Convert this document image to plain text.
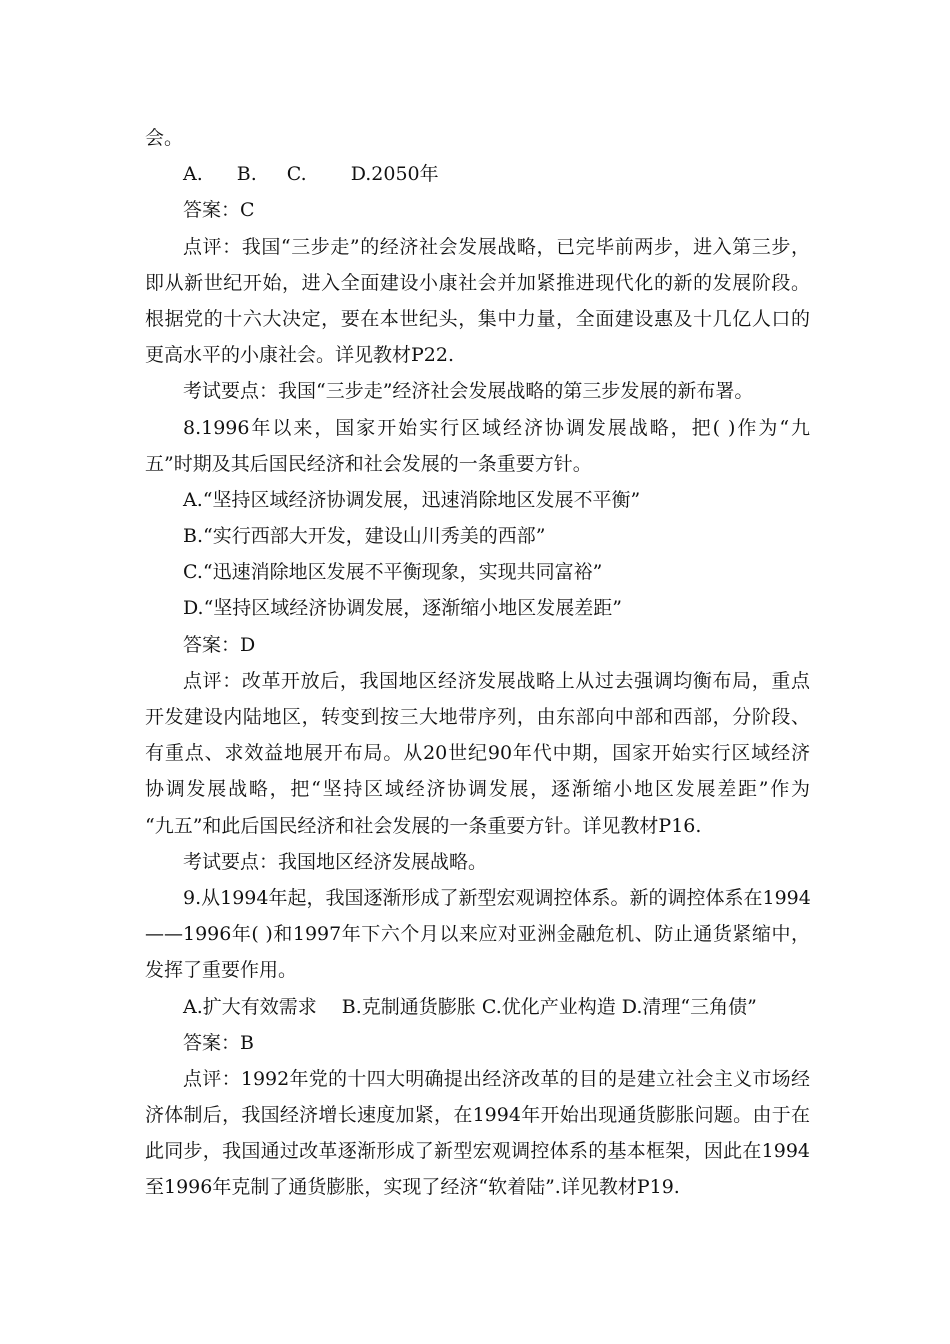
会。
A. B. C. D.2050年
答案：C
点评：我国“三步走”的经济社会发展战略，已完毕前两步，进入第三步，
即从新世纪开始，进入全面建设小康社会并加紧推进现代化的新的发展阶段。
根据党的十六大决定，要在本世纪头，集中力量，全面建设惠及十几亿人口的
更高水平的小康社会。详见教材P22.
考试要点：我国“三步走”经济社会发展战略的第三步发展的新布署。
8.1996年以来，国家开始实行区域经济协调发展战略，把( )作为“九
五”时期及其后国民经济和社会发展的一条重要方针。
A.“坚持区域经济协调发展，迅速消除地区发展不平衡”
B.“实行西部大开发，建设山川秀美的西部”
C.“迅速消除地区发展不平衡现象，实现共同富裕”
D.“坚持区域经济协调发展，逐渐缩小地区发展差距”
答案：D
点评：改革开放后，我国地区经济发展战略上从过去强调均衡布局，重点
开发建设内陆地区，转变到按三大地带序列，由东部向中部和西部，分阶段、
有重点、求效益地展开布局。从20世纪90年代中期，国家开始实行区域经济
协调发展战略，把“坚持区域经济协调发展，逐渐缩小地区发展差距”作为
“九五”和此后国民经济和社会发展的一条重要方针。详见教材P16.
考试要点：我国地区经济发展战略。
9.从1994年起，我国逐渐形成了新型宏观调控体系。新的调控体系在1994
——1996年( )和1997年下六个月以来应对亚洲金融危机、防止通货紧缩中，
发挥了重要作用。
A.扩大有效需求　 B.克制通货膨胀 C.优化产业构造 D.清理“三角债”
答案：B
点评：1992年党的十四大明确提出经济改革的目的是建立社会主义市场经
济体制后，我国经济增长速度加紧，在1994年开始出现通货膨胀问题。由于在
此同步，我国通过改革逐渐形成了新型宏观调控体系的基本框架，因此在1994
至1996年克制了通货膨胀，实现了经济“软着陆”.详见教材P19.
